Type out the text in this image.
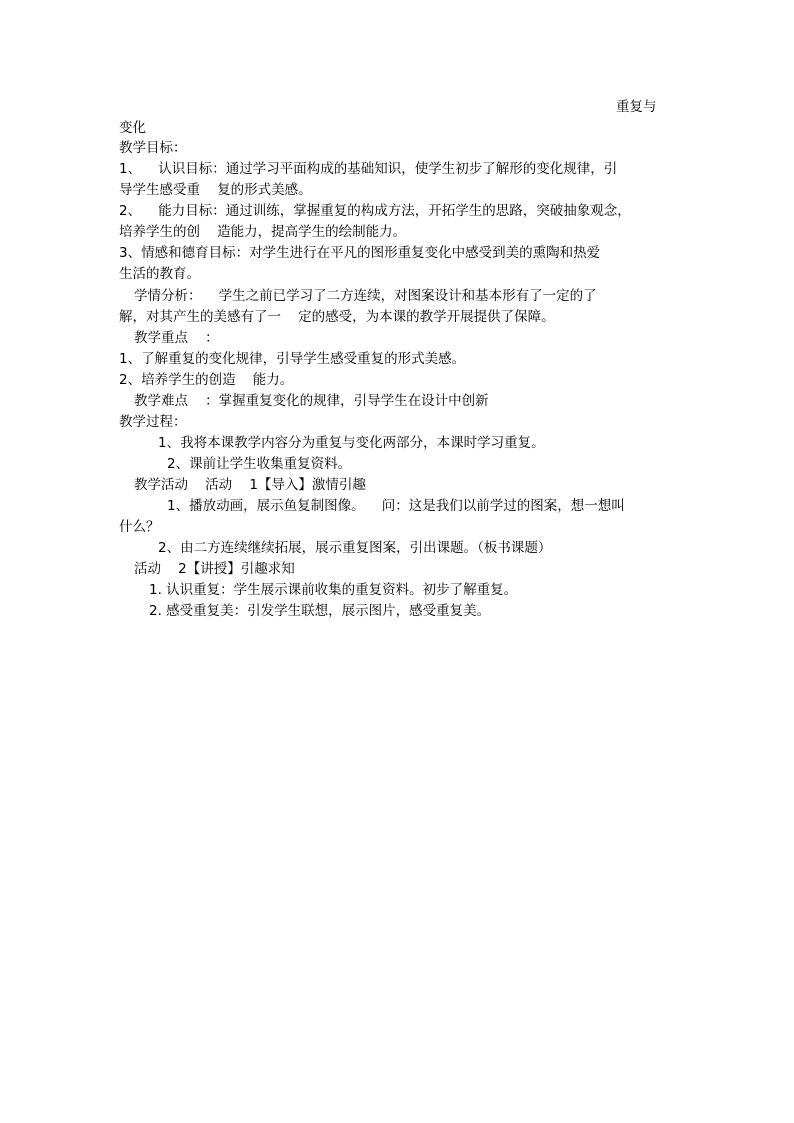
重复与
变化
教学目标：
1、    认识目标：通过学习平面构成的基础知识，使学生初步了解形的变化规律，引
导学生感受重    复的形式美感。
2、    能力目标：通过训练，掌握重复的构成方法，开拓学生的思路，突破抽象观念，
培养学生的创    造能力，提高学生的绘制能力。
3、情感和德育目标：对学生进行在平凡的图形重复变化中感受到美的熏陶和热爱
生活的教育。
学情分析：    学生之前已学习了二方连续，对图案设计和基本形有了一定的了
解，对其产生的美感有了一    定的感受，为本课的教学开展提供了保障。
教学重点    ：
1、了解重复的变化规律，引导学生感受重复的形式美感。
2、培养学生的创造    能力。
教学难点    ：掌握重复变化的规律，引导学生在设计中创新
教学过程：
1、我将本课教学内容分为重复与变化两部分，本课时学习重复。
2、课前让学生收集重复资料。
教学活动    活动    1【导入】激情引趣
1、播放动画，展示鱼复制图像。    问：这是我们以前学过的图案，想一想叫
什么？
2、由二方连续继续拓展，展示重复图案，引出课题。（板书课题）
活动    2【讲授】引趣求知
1. 认识重复：学生展示课前收集的重复资料。初步了解重复。
2. 感受重复美：引发学生联想，展示图片，感受重复美。
